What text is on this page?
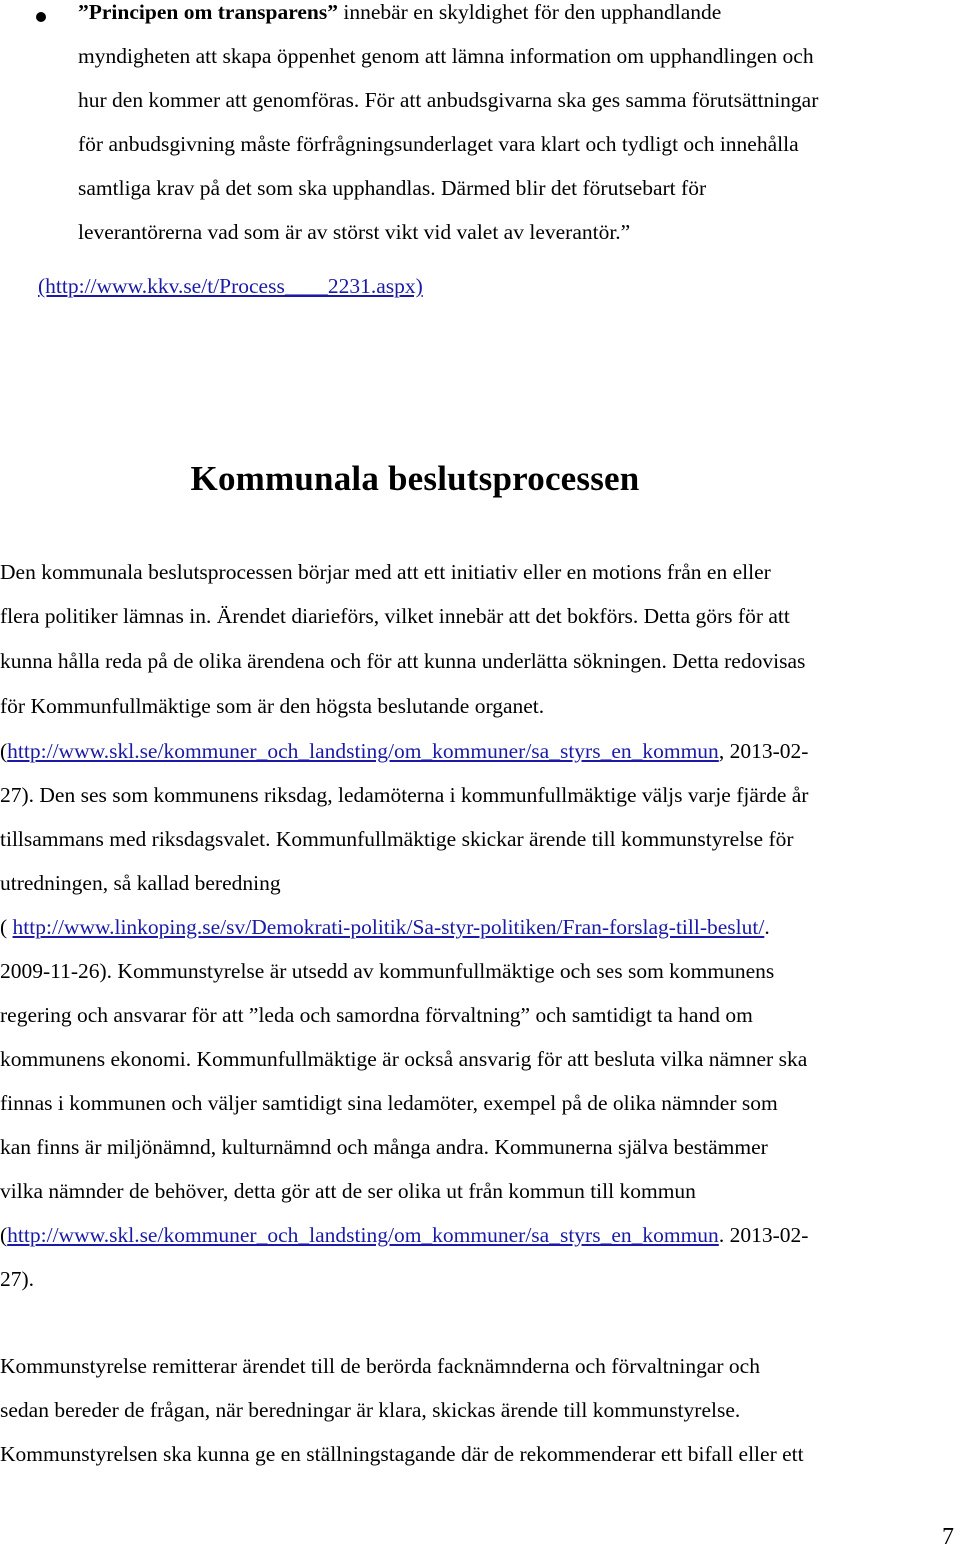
”Principen om transparens” innebär en skyldighet för den upphandlande
myndigheten att skapa öppenhet genom att lämna information om upphandlingen och
hur den kommer att genomföras. För att anbudsgivarna ska ges samma förutsättningar
för anbudsgivning måste förfrågningsunderlaget vara klart och tydligt och innehålla
samtliga krav på det som ska upphandlas. Därmed blir det förutsebart för
leverantörerna vad som är av störst vikt vid valet av leverantör.”
(http://www.kkv.se/t/Process____2231.aspx)
Kommunala beslutsprocessen
Den kommunala beslutsprocessen börjar med att ett initiativ eller en motions från en eller
flera politiker lämnas in. Ärendet diarieförs, vilket innebär att det bokförs. Detta görs för att
kunna hålla reda på de olika ärendena och för att kunna underlätta sökningen. Detta redovisas
för Kommunfullmäktige som är den högsta beslutande organet.
(http://www.skl.se/kommuner_och_landsting/om_kommuner/sa_styrs_en_kommun, 2013-02-
27). Den ses som kommunens riksdag, ledamöterna i kommunfullmäktige väljs varje fjärde år
tillsammans med riksdagsvalet. Kommunfullmäktige skickar ärende till kommunstyrelse för
utredningen, så kallad beredning
( http://www.linkoping.se/sv/Demokrati-politik/Sa-styr-politiken/Fran-forslag-till-beslut/.
2009-11-26). Kommunstyrelse är utsedd av kommunfullmäktige och ses som kommunens
regering och ansvarar för att ”leda och samordna förvaltning” och samtidigt ta hand om
kommunens ekonomi. Kommunfullmäktige är också ansvarig för att besluta vilka nämner ska
finnas i kommunen och väljer samtidigt sina ledamöter, exempel på de olika nämnder som
kan finns är miljönämnd, kulturnämnd och många andra. Kommunerna själva bestämmer
vilka nämnder de behöver, detta gör att de ser olika ut från kommun till kommun
(http://www.skl.se/kommuner_och_landsting/om_kommuner/sa_styrs_en_kommun. 2013-02-
27).
Kommunstyrelse remitterar ärendet till de berörda facknämnderna och förvaltningar och
sedan bereder de frågan, när beredningar är klara, skickas ärende till kommunstyrelse.
Kommunstyrelsen ska kunna ge en ställningstagande där de rekommenderar ett bifall eller ett
7
